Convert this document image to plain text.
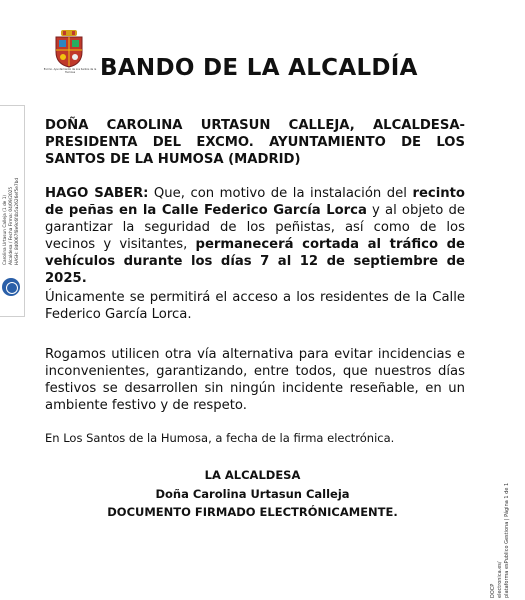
Excmo. Ayuntamiento de Los Santos de la Humosa	BANDO DE LA ALCALDÍA

DOÑA CAROLINA URTASUN CALLEJA, ALCALDESA-PRESIDENTA DEL EXCMO. AYUNTAMIENTO DE LOS SANTOS DE LA HUMOSA (MADRID)

HAGO SABER: Que, con motivo de la instalación del recinto de peñas en la Calle Federico García Lorca y al objeto de garantizar la seguridad de los peñistas, así como de los vecinos y visitantes, permanecerá cortada al tráfico de vehículos durante los días 7 al 12 de septiembre de 2025.

Únicamente se permitirá el acceso a los residentes de la Calle Federico García Lorca.

Rogamos utilicen otra vía alternativa para evitar incidencias e inconvenientes, garantizando, entre todos, que nuestros días festivos se desarrollen sin ningún incidente reseñable, en un ambiente festivo y de respeto.

En Los Santos de la Humosa, a fecha de la firma electrónica.

LA ALCALDESA
Doña Carolina Urtasun Calleja
DOCUMENTO FIRMADO ELECTRÓNICAMENTE.
Carolina Urtasun Calleja (1 de 1) Alcaldesa / Fecha Firma: 04/09/2025 HASH: 8d0067f8e9c6f4b5a2626ef5e7bd
DOCP electronica.es/ plataforma esPublico Gestiona | Página 1 de 1
